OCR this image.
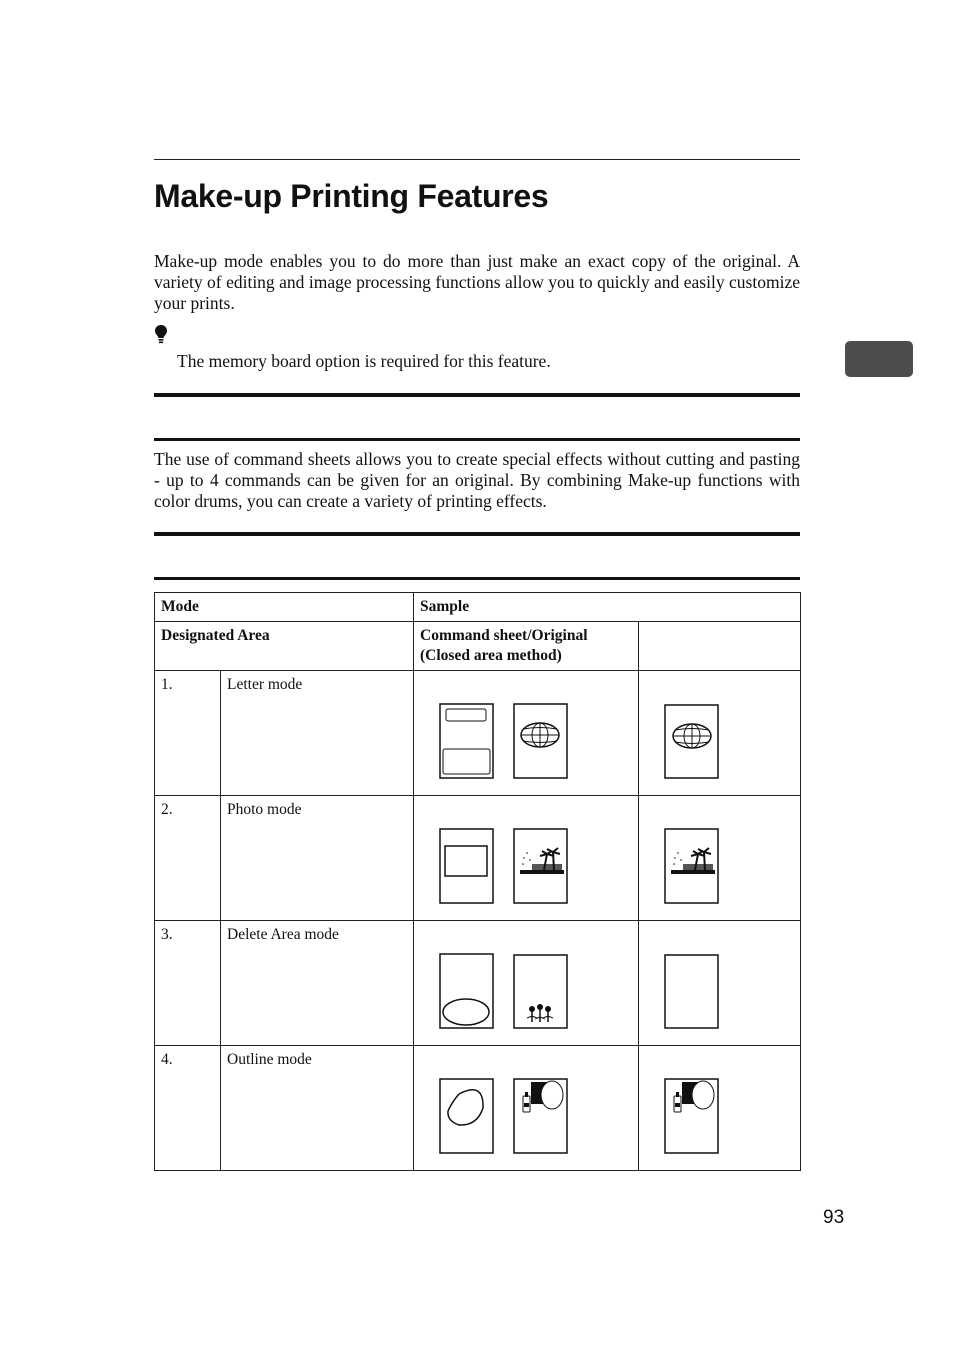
Make-up Printing Features

Make-up mode enables you to do more than just make an exact copy of the original. A variety of editing and image processing functions allow you to quickly and easily customize your prints.

The memory board option is required for this feature.

The use of command sheets allows you to create special effects without cutting and pasting - up to 4 commands can be given for an original. By combining Make-up functions with color drums, you can create a variety of printing effects.

Mode		Sample	
Designated Area		Command sheet/Original
(Closed area method)	

1.	Letter mode	

2.	Photo mode	

3.	Delete Area mode	

4.	Outline mode	

93
